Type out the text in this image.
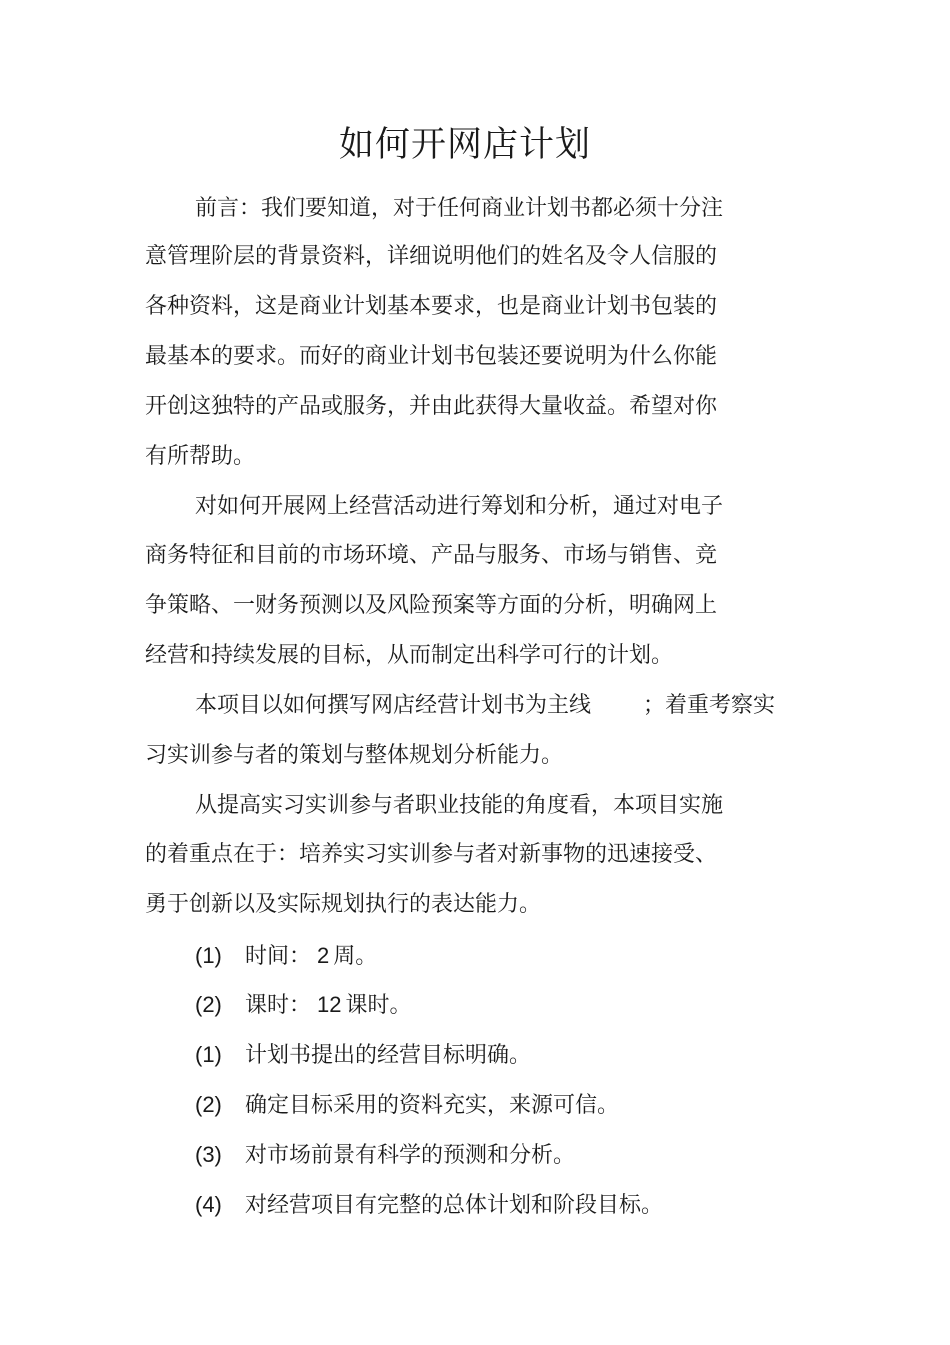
如何开网店计划

前言：我们要知道，对于任何商业计划书都必须十分注

意管理阶层的背景资料，详细说明他们的姓名及令人信服的

各种资料，这是商业计划基本要求，也是商业计划书包装的

最基本的要求。而好的商业计划书包装还要说明为什么你能

开创这独特的产品或服务，并由此获得大量收益。希望对你

有所帮助。

对如何开展网上经营活动进行筹划和分析，通过对电子

商务特征和目前的市场环境、产品与服务、市场与销售、竞

争策略、一财务预测以及风险预案等方面的分析，明确网上

经营和持续发展的目标，从而制定出科学可行的计划。

本项目以如何撰写网店经营计划书为主线 ；着重考察实

习实训参与者的策划与整体规划分析能力。

从提高实习实训参与者职业技能的角度看，本项目实施

的着重点在于：培养实习实训参与者对新事物的迅速接受、

勇于创新以及实际规划执行的表达能力。

(1) 时间： 2 周。
(2) 课时： 12 课时。
(1) 计划书提出的经营目标明确。
(2) 确定目标采用的资料充实，来源可信。
(3) 对市场前景有科学的预测和分析。
(4) 对经营项目有完整的总体计划和阶段目标。
